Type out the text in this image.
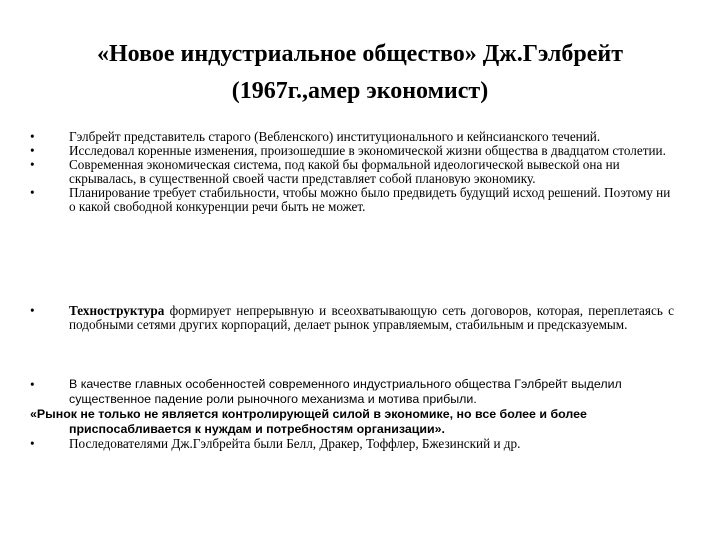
«Новое индустриальное общество» Дж.Гэлбрейт
(1967г.,амер экономист)
•	Гэлбрейт представитель старого (Вебленского) институционального и кейнсианского течений.
•	Исследовал коренные изменения, произошедшие в экономической жизни общества в двадцатом столетии.
•	Современная экономическая система, под какой бы формальной идеологической вывеской она ни скрывалась, в существенной своей части представляет собой плановую экономику.
•	Планирование требует стабильности, чтобы можно было предвидеть будущий исход решений. Поэтому ни о какой свободной конкуренции речи быть не может.
•	Техноструктура формирует непрерывную и всеохватывающую сеть договоров, которая, переплетаясь с подобными сетями других корпораций, делает рынок управляемым, стабильным и предсказуемым.
•	В качестве главных особенностей современного индустриального общества Гэлбрейт выделил существенное падение роли рыночного механизма и мотива прибыли.
«Рынок не только не является контролирующей силой в экономике, но все более и более приспосабливается к нуждам и потребностям организации».
•	Последователями Дж.Гэлбрейта были Белл, Дракер, Тоффлер, Бжезинский и др.
